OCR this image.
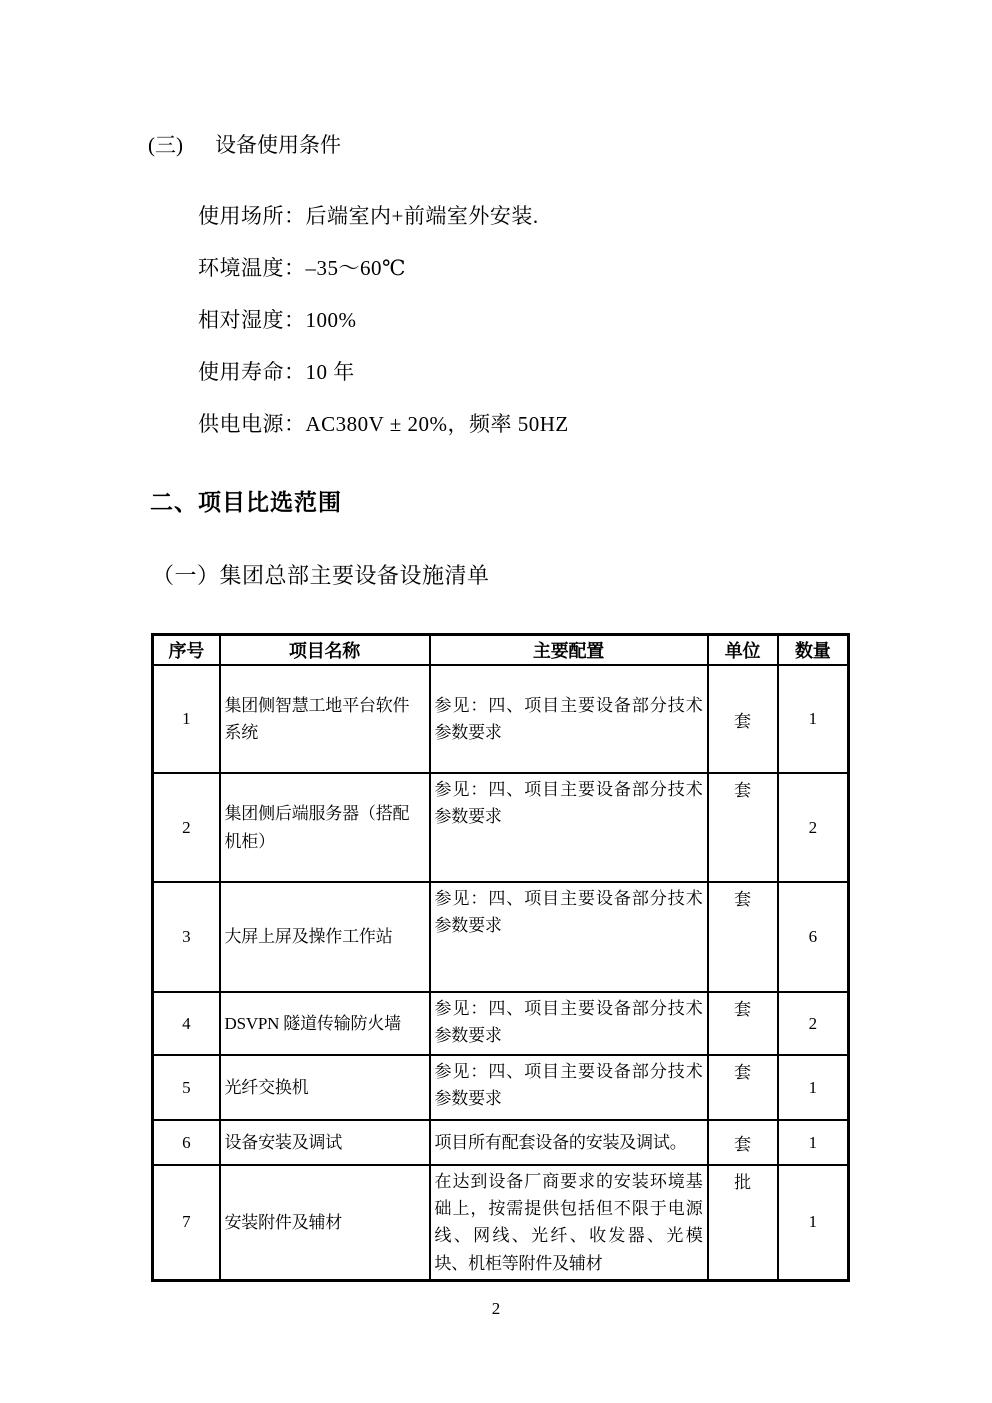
(三) 设备使用条件
使用场所：后端室内+前端室外安装.
环境温度：–35～60℃
相对湿度：100%
使用寿命：10 年
供电电源：AC380V ± 20%，频率 50HZ
二、项目比选范围
（一）集团总部主要设备设施清单
序号	项目名称	主要配置	单位	数量
1	集团侧智慧工地平台软件系统	参见：四、项目主要设备部分技术参数要求	套	1
2	集团侧后端服务器（搭配机柜）	参见：四、项目主要设备部分技术参数要求	套	2
3	大屏上屏及操作工作站	参见：四、项目主要设备部分技术参数要求	套	6
4	DSVPN 隧道传输防火墙	参见：四、项目主要设备部分技术参数要求	套	2
5	光纤交换机	参见：四、项目主要设备部分技术参数要求	套	1
6	设备安装及调试	项目所有配套设备的安装及调试。	套	1
7	安装附件及辅材	在达到设备厂商要求的安装环境基础上，按需提供包括但不限于电源线、网线、光纤、收发器、光模块、机柜等附件及辅材	批	1
2
